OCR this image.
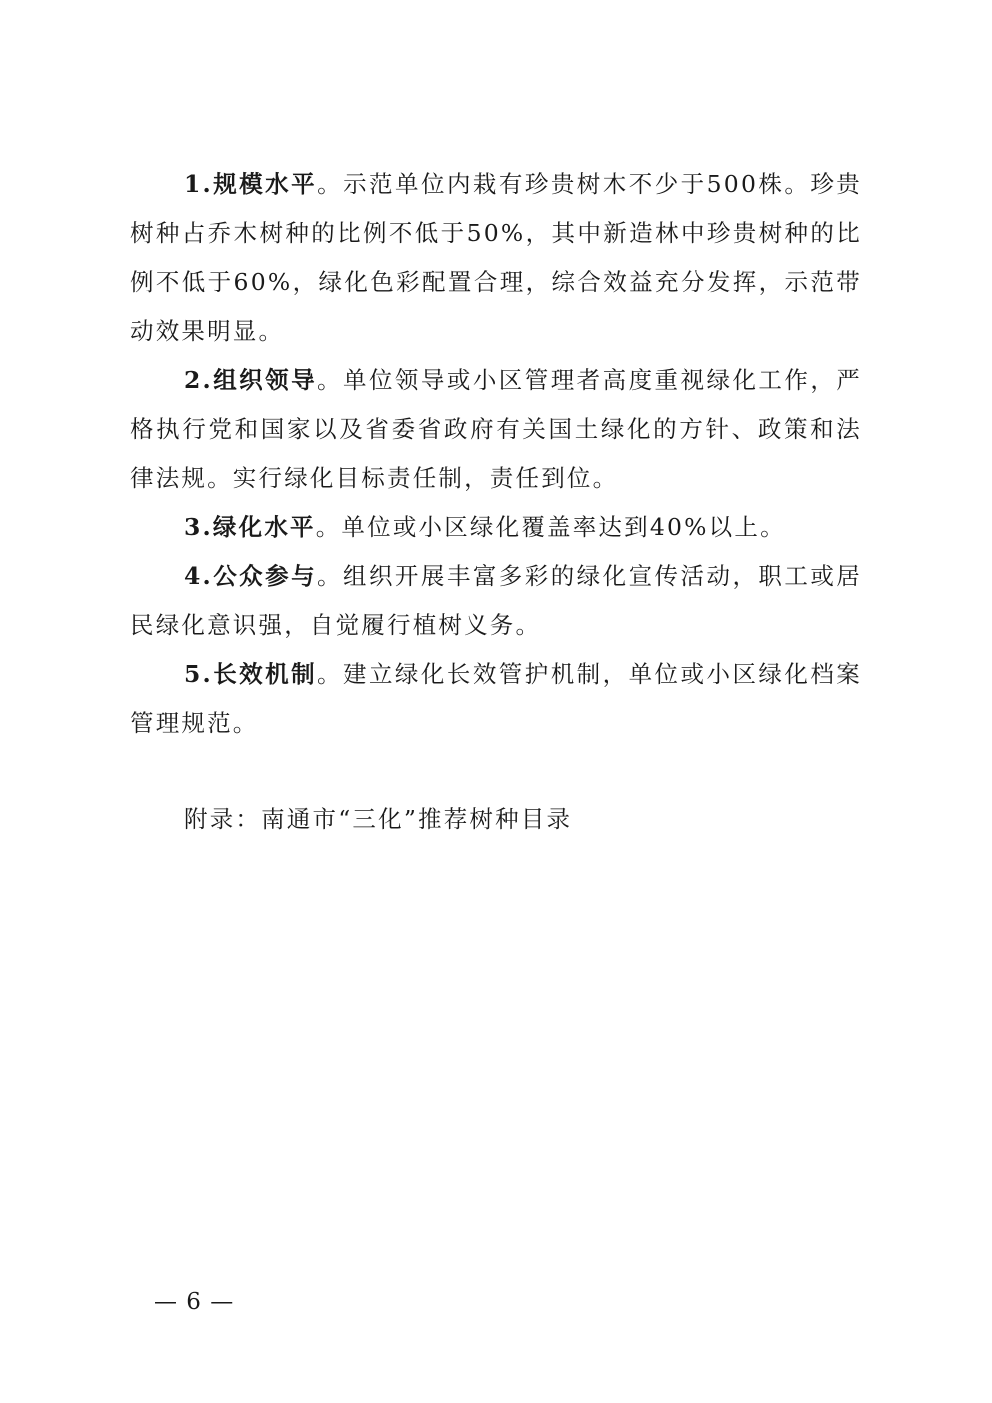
1.规模水平。示范单位内栽有珍贵树木不少于500株。珍贵树种占乔木树种的比例不低于50%，其中新造林中珍贵树种的比例不低于60%，绿化色彩配置合理，综合效益充分发挥，示范带动效果明显。

2.组织领导。单位领导或小区管理者高度重视绿化工作，严格执行党和国家以及省委省政府有关国土绿化的方针、政策和法律法规。实行绿化目标责任制，责任到位。

3.绿化水平。单位或小区绿化覆盖率达到40%以上。

4.公众参与。组织开展丰富多彩的绿化宣传活动，职工或居民绿化意识强，自觉履行植树义务。

5.长效机制。建立绿化长效管护机制，单位或小区绿化档案管理规范。

附录：南通市“三化”推荐树种目录
— 6 —
